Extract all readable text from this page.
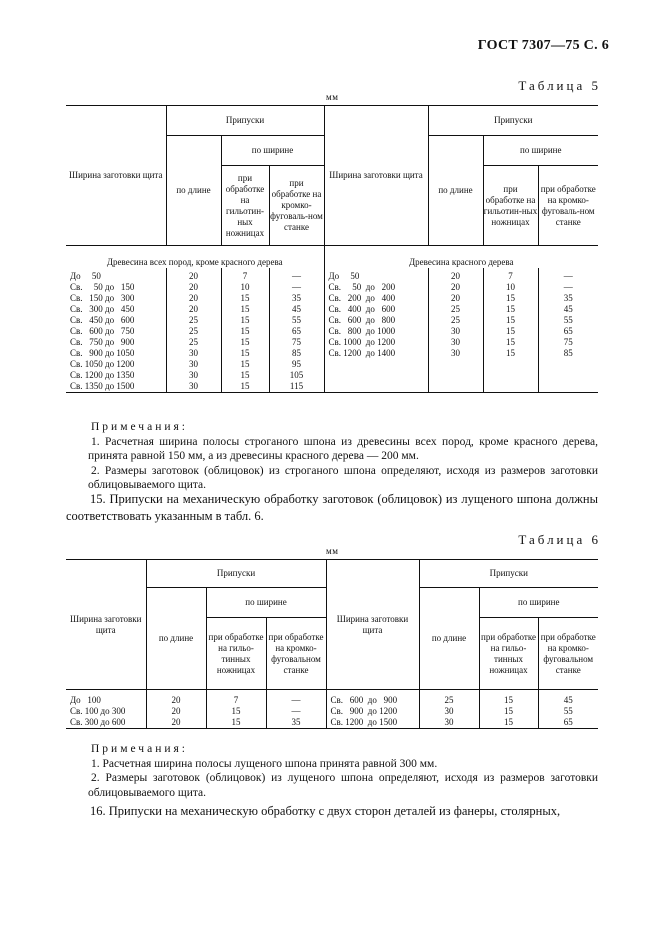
ГОСТ 7307—75 С. 6
Таблица 5
мм
Ширина заготовки щита	Припуски			Ширина заготовки щита	Припуски		
	по длине	по ширине			по длине	по ширине	
		при обработке на гильотин-ных ножницах	при обработке на кромко-фуговаль-ном станке			при обработке на гильотин-ных ножницах	при обработке на кромко-фуговаль-ном станке
Древесина всех пород, кроме красного дерева				Древесина красного дерева			
До     50	20	7	—	До     50	20	7	—
Св.     50 до   150	20	10	—	Св.     50  до   200	20	10	—
Св.   150 до   300	20	15	35	Св.   200  до   400	20	15	35
Св.   300 до   450	20	15	45	Св.   400  до   600	25	15	45
Св.   450 до   600	25	15	55	Св.   600  до   800	25	15	55
Св.   600 до   750	25	15	65	Св.   800  до 1000	30	15	65
Св.   750 до   900	25	15	75	Св. 1000  до 1200	30	15	75
Св.   900 до 1050	30	15	85	Св. 1200  до 1400	30	15	85
Св. 1050 до 1200	30	15	95				
Св. 1200 до 1350	30	15	105				
Св. 1350 до 1500	30	15	115				
Примечания:

1. Расчетная ширина полосы строганого шпона из древесины всех пород, кроме красного дерева, принята равной 150 мм, а из древесины красного дерева — 200 мм.

2. Размеры заготовок (облицовок) из строганого шпона определяют, исходя из размеров заготовки облицовываемого щита.

15. Припуски на механическую обработку заготовок (облицовок) из лущеного шпона должны соответствовать указанным в табл. 6.
Таблица 6
мм
Ширина заготовки щита	Припуски			Ширина заготовки щита	Припуски		
	по длине	по ширине			по длине	по ширине	
		при обработке на гильо-тинных ножницах	при обработке на кромко-фуговальном станке			при обработке на гильо-тинных ножницах	при обработке на кромко-фуговальном станке
До   100	20	7	—	Св.   600  до   900	25	15	45
Св. 100 до 300	20	15	—	Св.   900  до 1200	30	15	55
Св. 300 до 600	20	15	35	Св. 1200  до 1500	30	15	65
Примечания:

1. Расчетная ширина полосы лущеного шпона принята равной 300 мм.

2. Размеры заготовок (облицовок) из лущеного шпона определяют, исходя из размеров заготовки облицовываемого щита.

16. Припуски на механическую обработку с двух сторон деталей из фанеры, столярных,
